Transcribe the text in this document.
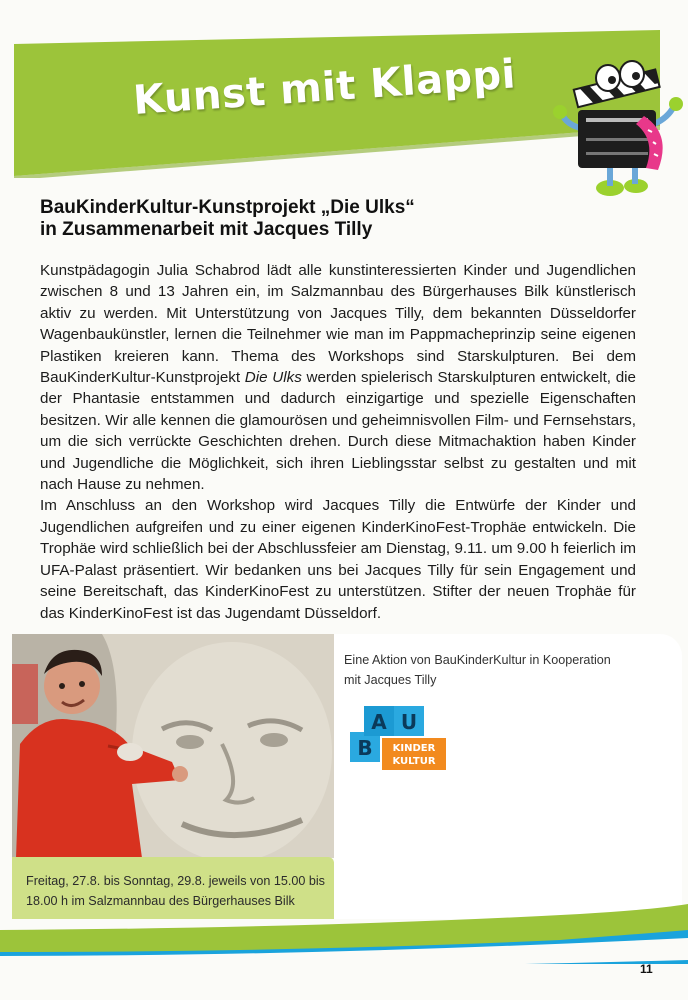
Kunst mit Klappi
BauKinderKultur-Kunstprojekt „Die Ulks“
in Zusammenarbeit mit Jacques Tilly

Kunstpädagogin Julia Schabrod lädt alle kunstinteressierten Kinder und Jugendlichen zwischen 8 und 13 Jahren ein, im Salzmannbau des Bürgerhauses Bilk künstlerisch aktiv zu werden. Mit Unterstützung von Jacques Tilly, dem bekannten Düsseldorfer Wagenbaukünstler, lernen die Teilnehmer wie man im Pappmacheprinzip seine eigenen Plastiken kreieren kann. Thema des Workshops sind Starskulpturen. Bei dem BauKinderKultur-Kunstprojekt Die Ulks werden spielerisch Starskulpturen entwickelt, die der Phantasie entstammen und dadurch einzigartige und spezielle Eigenschaften besitzen. Wir alle kennen die glamourösen und geheimnisvollen Film- und Fernsehstars, um die sich verrückte Geschichten drehen. Durch diese Mitmachaktion haben Kinder und Jugendliche die Möglichkeit, sich ihren Lieblingsstar selbst zu gestalten und mit nach Hause zu nehmen.

Im Anschluss an den Workshop wird Jacques Tilly die Entwürfe der Kinder und Jugendlichen aufgreifen und zu einer eigenen KinderKinoFest-Trophäe entwickeln. Die Trophäe wird schließlich bei der Abschlussfeier am Dienstag, 9.11. um 9.00 h feierlich im UFA-Palast präsentiert. Wir bedanken uns bei Jacques Tilly für sein Engagement und seine Bereitschaft, das KinderKinoFest zu unterstützen. Stifter der neuen Trophäe für das KinderKinoFest ist das Jugendamt Düsseldorf.

Freitag, 27.8. bis Sonntag, 29.8. jeweils von 15.00 bis
18.00 h im Salzmannbau des Bürgerhauses Bilk
Eine Aktion von BauKinderKultur in Kooperation
mit Jacques Tilly
B
A U
KINDER
KULTUR
11
